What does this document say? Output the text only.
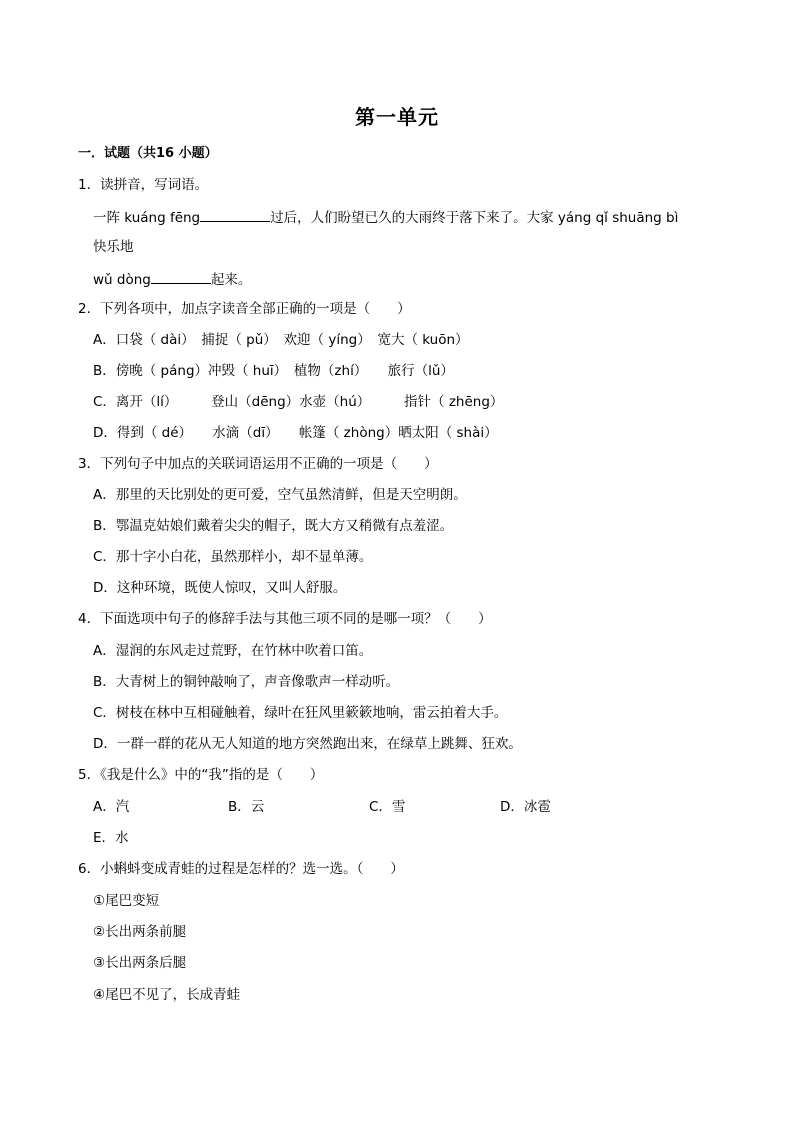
第一单元
一．试题（共16 小题）
1．读拼音，写词语。
一阵 kuáng fēng	过后，人们盼望已久的大雨终于落下来了。大家 yáng qǐ shuāng bì
快乐地
wǔ dòng	起来。
2．下列各项中，加点字读音全部正确的一项是（　　）
A．口袋（ dài）　捕捉（ pǔ）　欢迎（ yíng）　宽大（ kuōn）
B．傍晚（ páng）冲毁（ huī）　植物（zhí）　　旅行（lǔ）
C．离开（lí）　　　登山（dēng）水壶（hú）　　　指针（ zhēng）
D．得到（ dé）　　水滴（dī）　　帐篷（ zhòng）晒太阳（ shài）
3．下列句子中加点的关联词语运用不正确的一项是（　　）
A．那里的天比别处的更可爱，空气虽然清鲜，但是天空明朗。
B．鄂温克姑娘们戴着尖尖的帽子，既大方又稍微有点羞涩。
C．那十字小白花，虽然那样小，却不显单薄。
D．这种环境，既使人惊叹，又叫人舒服。
4．下面选项中句子的修辞手法与其他三项不同的是哪一项？（　　）
A．湿润的东风走过荒野，在竹林中吹着口笛。
B．大青树上的铜钟敲响了，声音像歌声一样动听。
C．树枝在林中互相碰触着，绿叶在狂风里簌簌地响，雷云拍着大手。
D．一群一群的花从无人知道的地方突然跑出来，在绿草上跳舞、狂欢。
5．《我是什么》中的“我”指的是（　　）
A．汽	B．云	C．雪	D．冰雹
E．水
6．小蝌蚪变成青蛙的过程是怎样的？选一选。（　　）
①尾巴变短
②长出两条前腿
③长出两条后腿
④尾巴不见了，长成青蛙
